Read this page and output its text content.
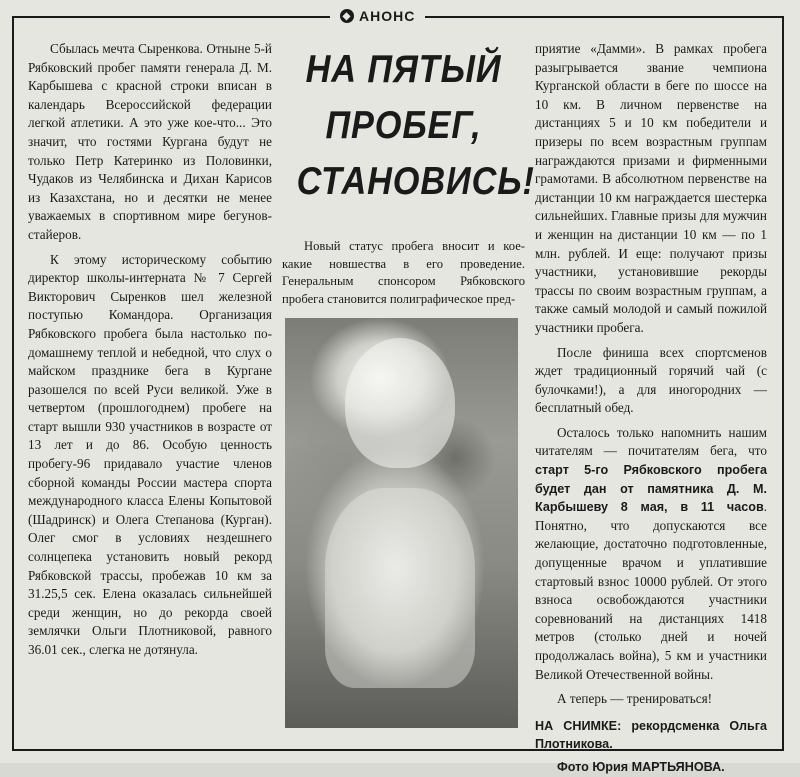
◆ АНОНС

Сбылась мечта Сыренкова. Отныне 5-й Рябковский пробег памяти генерала Д. М. Карбышева с красной строки вписан в календарь Всероссийской федерации легкой атлетики. А это уже кое-что... Это значит, что гостями Кургана будут не только Петр Катеринко из Половинки, Чудаков из Челябинска и Дихан Карисов из Казахстана, но и десятки не менее уважаемых в спортивном мире бегунов-стайеров.

К этому историческому событию директор школы-интерната № 7 Сергей Викторович Сыренков шел железной поступью Командора. Организация Рябковского пробега была настолько по-домашнему теплой и небедной, что слух о майском празднике бега в Кургане разошелся по всей Руси великой. Уже в четвертом (прошлогоднем) пробеге на старт вышли 930 участников в возрасте от 13 лет и до 86. Особую ценность пробегу-96 придавало участие членов сборной команды России мастера спорта международного класса Елены Копытовой (Шадринск) и Олега Степанова (Курган). Олег смог в условиях нездешнего солнцепека установить новый рекорд Рябковской трассы, пробежав 10 км за 31.25,5 сек. Елена оказалась сильнейшей среди женщин, но до рекорда своей землячки Ольги Плотниковой, равного 36.01 сек., слегка не дотянула.

НА ПЯТЫЙ
ПРОБЕГ,
СТАНОВИСЬ!
Новый статус пробега вносит и кое-какие новшества в его проведение. Генеральным спонсором Рябковского пробега становится полиграфическое пред-

приятие «Дамми». В рамках пробега разыгрывается звание чемпиона Курганской области в беге по шоссе на 10 км. В личном первенстве на дистанциях 5 и 10 км победители и призеры по всем возрастным группам награждаются призами и фирменными грамотами. В абсолютном первенстве на дистанции 10 км награждается шестерка сильнейших. Главные призы для мужчин и женщин на дистанции 10 км — по 1 млн. рублей. И еще: получают призы участники, установившие рекорды трассы по своим возрастным группам, а также самый молодой и самый пожилой участники пробега.

После финиша всех спортсменов ждет традиционный горячий чай (с булочками!), а для иногородних — бесплатный обед.

Осталось только напомнить нашим читателям — почитателям бега, что старт 5-го Рябковского пробега будет дан от памятника Д. М. Карбышеву 8 мая, в 11 часов. Понятно, что допускаются все желающие, достаточно подготовленные, допущенные врачом и уплатившие стартовый взнос 10000 рублей. От этого взноса освобождаются участники соревнований на дистанциях 1418 метров (столько дней и ночей продолжалась война), 5 км и участники Великой Отечественной войны.

А теперь — тренироваться!

НА СНИМКЕ: рекордсменка Ольга Плотникова.

Фото Юрия МАРТЬЯНОВА.
